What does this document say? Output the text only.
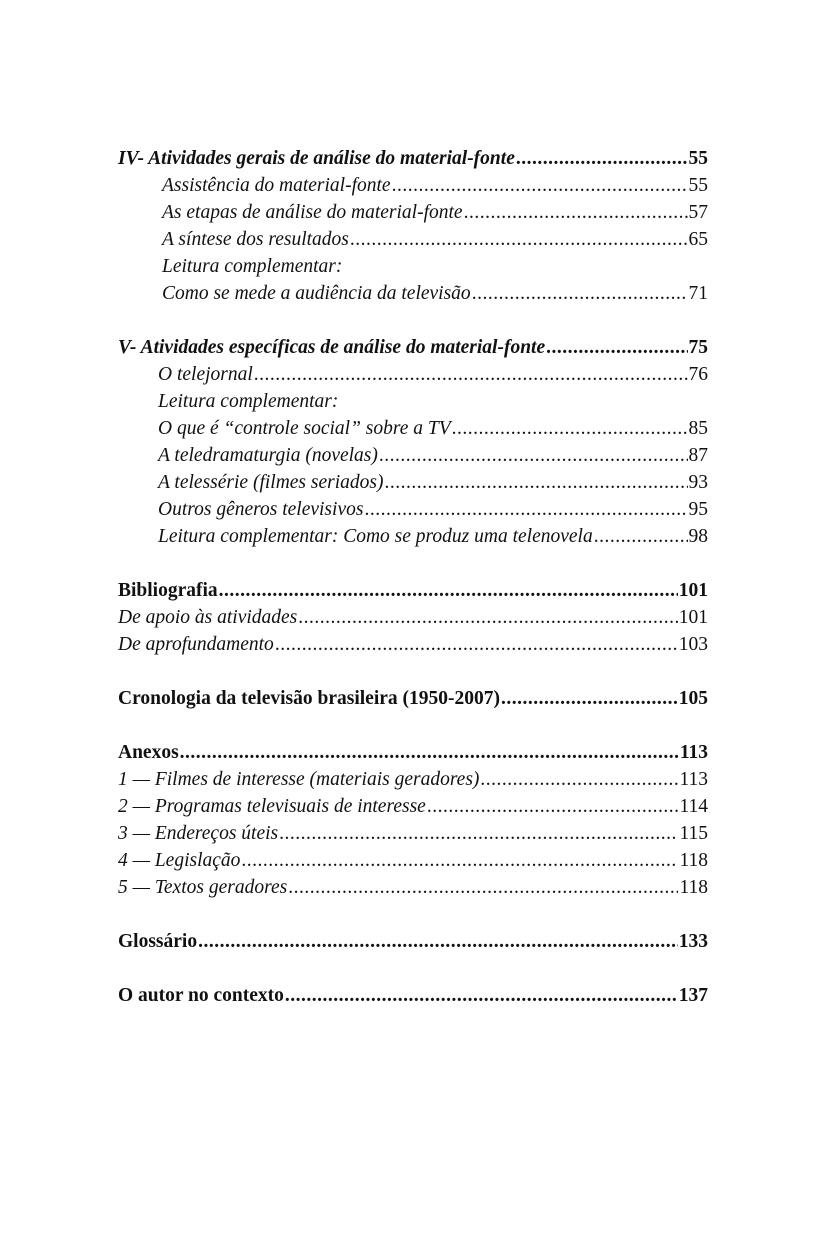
IV- Atividades gerais de análise do material-fonte .....	55
Assistência do material-fonte .....	55
As etapas de análise do material-fonte .....	57
A síntese dos resultados .....	65
Leitura complementar:
Como se mede a audiência da televisão .....	71
V- Atividades específicas de análise do material-fonte .....	75
O telejornal .....	76
Leitura complementar:
O que é “controle social” sobre a TV .....	85
A teledramaturgia (novelas) .....	87
A telessérie (filmes seriados) .....	93
Outros gêneros televisivos .....	95
Leitura complementar: Como se produz uma telenovela .....	98
Bibliografia .....	101
De apoio às atividades .....	101
De aprofundamento .....	103
Cronologia da televisão brasileira (1950-2007) .....	105
Anexos .....	113
1 — Filmes de interesse (materiais geradores) .....	113
2 — Programas televisuais de interesse .....	114
3 — Endereços úteis .....	115
4 — Legislação .....	118
5 — Textos geradores .....	118
Glossário .....	133
O autor no contexto .....	137
